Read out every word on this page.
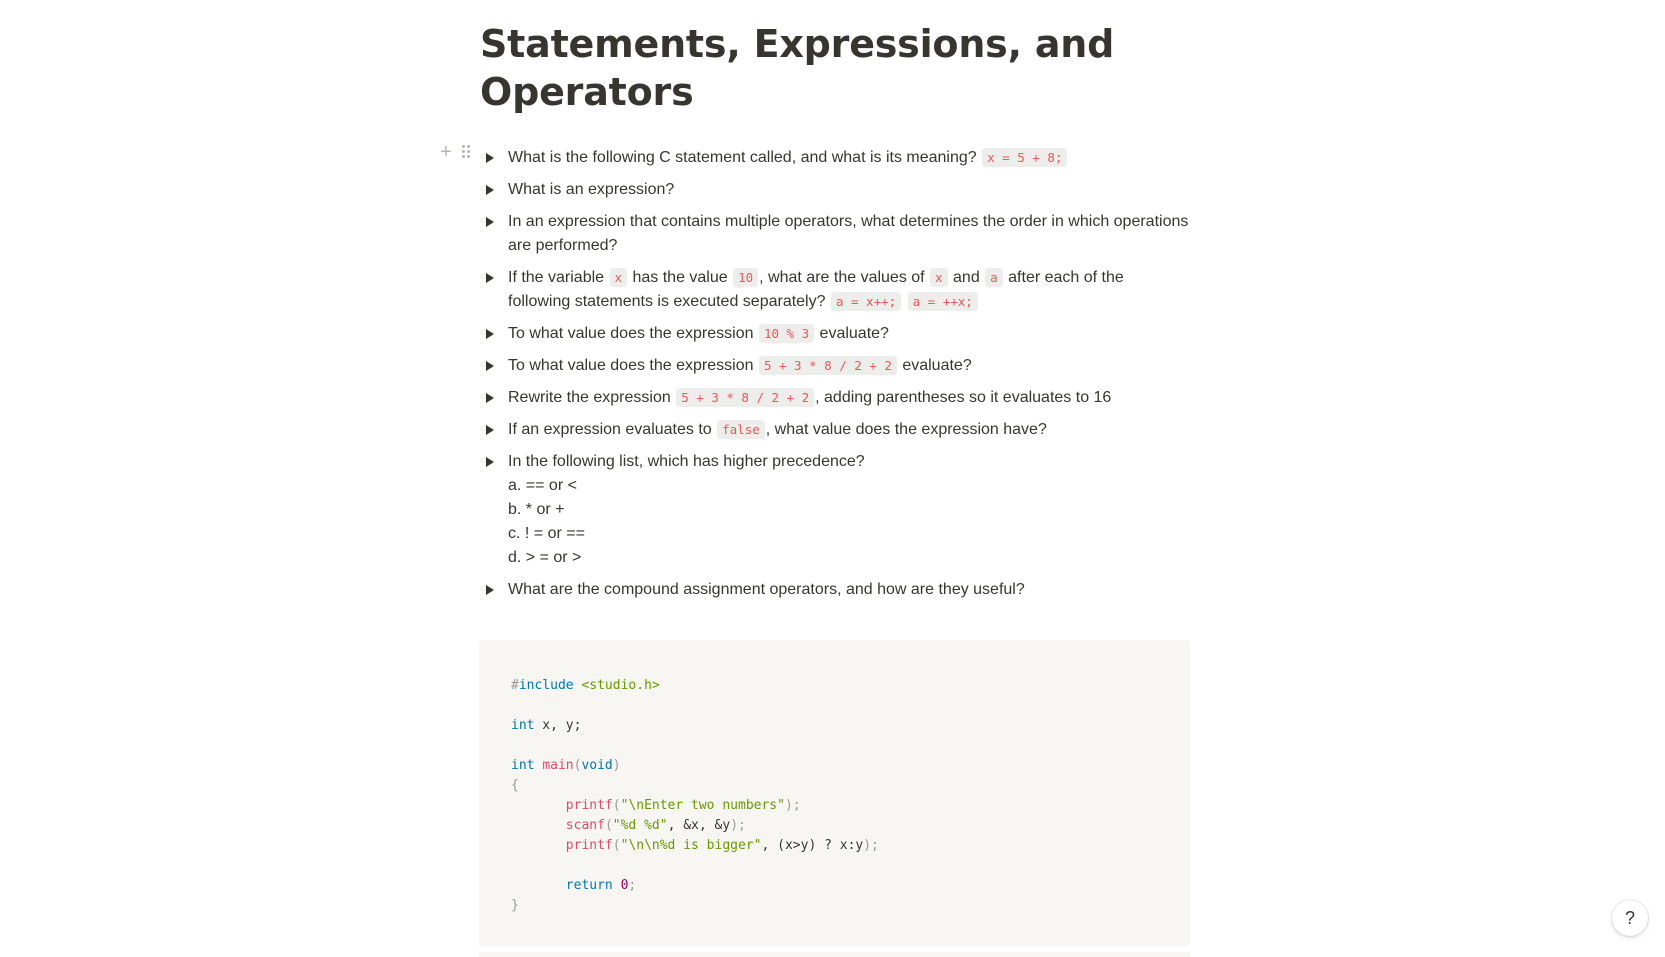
Statements, Expressions, and Operators
What is the following C statement called, and what is its meaning? x = 5 + 8;
What is an expression?
In an expression that contains multiple operators, what determines the order in which operations are performed?
If the variable x has the value 10 , what are the values of x and a after each of the following statements is executed separately? a = x++; a = ++x;
To what value does the expression 10 % 3 evaluate?
To what value does the expression 5 + 3 * 8 / 2 + 2 evaluate?
Rewrite the expression 5 + 3 * 8 / 2 + 2 , adding parentheses so it evaluates to 16
If an expression evaluates to false , what value does the expression have?
In the following list, which has higher precedence?
a. == or <
b. * or +
c. ! = or ==
d. > = or >
What are the compound assignment operators, and how are they useful?
+
#include <studio.h>

int x, y;

int main(void)
{
printf("\nEnter two numbers");
scanf("%d %d", &x, &y);
printf("\n\n%d is bigger", (x>y) ? x:y);

return 0;
}
?
